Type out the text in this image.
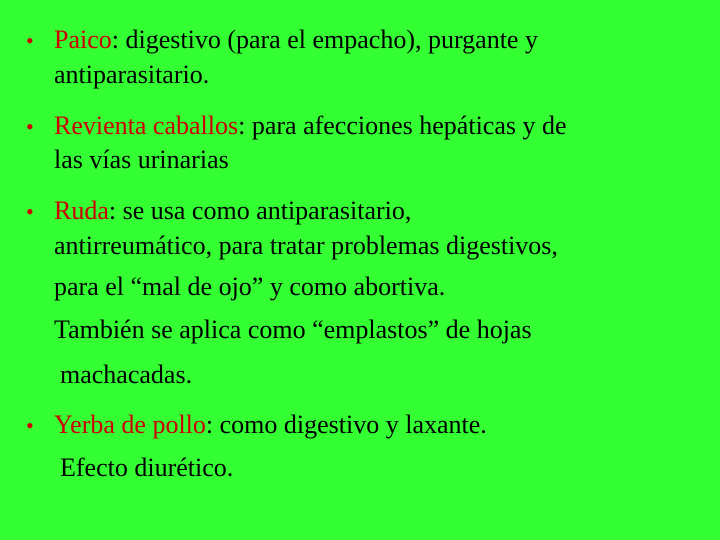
• Paico: digestivo (para el empacho), purgante y
antiparasitario.
• Revienta caballos: para afecciones hepáticas y de
las vías urinarias
• Ruda: se usa como antiparasitario,
antirreumático, para tratar problemas digestivos,
para el “mal de ojo” y como abortiva.
También se aplica como “emplastos” de hojas
machacadas.
• Yerba de pollo: como digestivo y laxante.
Efecto diurético.
